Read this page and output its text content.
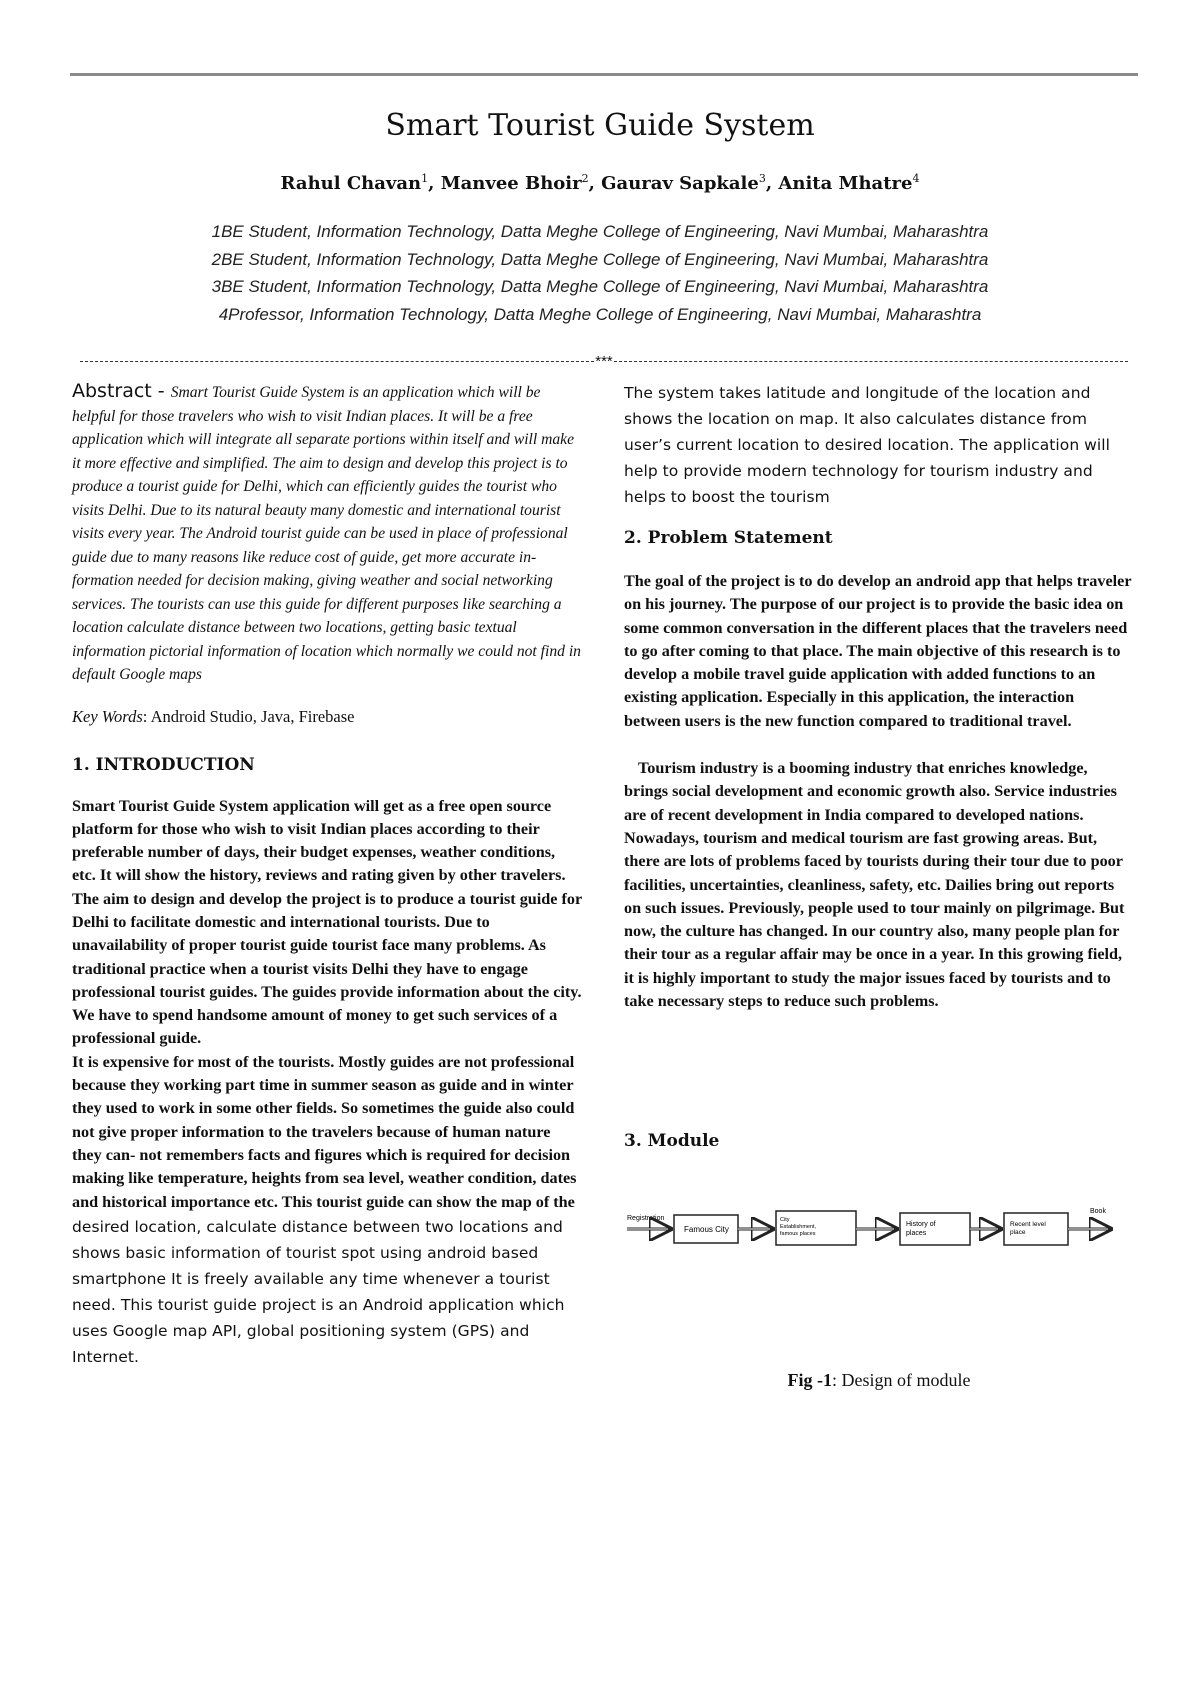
Smart Tourist Guide System
Rahul Chavan$^1$, Manvee Bhoir$^2$, Gaurav Sapkale$^3$, Anita Mhatre$^4$
1BE Student, Information Technology, Datta Meghe College of Engineering, Navi Mumbai, Maharashtra
2BE Student, Information Technology, Datta Meghe College of Engineering, Navi Mumbai, Maharashtra
3BE Student, Information Technology, Datta Meghe College of Engineering, Navi Mumbai, Maharashtra
4Professor, Information Technology, Datta Meghe College of Engineering, Navi Mumbai, Maharashtra
***

Abstract - Smart Tourist Guide System is an application which will be helpful for those travelers who wish to visit Indian places. It will be a free application which will integrate all separate portions within itself and will make it more effective and simplified. The aim to design and develop this project is to produce a tourist guide for Delhi, which can efficiently guides the tourist who visits Delhi. Due to its natural beauty many domestic and international tourist visits every year. The Android tourist guide can be used in place of professional guide due to many reasons like reduce cost of guide, get more accurate in- formation needed for decision making, giving weather and social networking services. The tourists can use this guide for different purposes like searching a location calculate distance between two locations, getting basic textual information pictorial information of location which normally we could not find in default Google maps

Key Words: Android Studio, Java, Firebase

1. INTRODUCTION

Smart Tourist Guide System application will get as a free open source platform for those who wish to visit Indian places according to their preferable number of days, their budget expenses, weather conditions, etc. It will show the history, reviews and rating given by other travelers. The aim to design and develop the project is to produce a tourist guide for Delhi to facilitate domestic and international tourists. Due to unavailability of proper tourist guide tourist face many problems. As traditional practice when a tourist visits Delhi they have to engage professional tourist guides. The guides provide information about the city. We have to spend handsome amount of money to get such services of a professional guide.

It is expensive for most of the tourists. Mostly guides are not professional because they working part time in summer season as guide and in winter they used to work in some other fields. So sometimes the guide also could not give proper information to the travelers because of human nature they can- not remembers facts and figures which is required for decision making like temperature, heights from sea level, weather condition, dates and historical importance etc. This tourist guide can show the map of the

desired location, calculate distance between two locations and shows basic information of tourist spot using android based smartphone It is freely available any time whenever a tourist need. This tourist guide project is an Android application which uses Google map API, global positioning system (GPS) and Internet.

The system takes latitude and longitude of the location and shows the location on map. It also calculates distance from user’s current location to desired location. The application will help to provide modern technology for tourism industry and helps to boost the tourism

2. Problem Statement

The goal of the project is to do develop an android app that helps traveler on his journey. The purpose of our project is to provide the basic idea on some common conversation in the different places that the travelers need to go after coming to that place. The main objective of this research is to develop a mobile travel guide application with added functions to an existing application. Especially in this application, the interaction between users is the new function compared to traditional travel.

Tourism industry is a booming industry that enriches knowledge, brings social development and economic growth also. Service industries are of recent development in India compared to developed nations. Nowadays, tourism and medical tourism are fast growing areas. But, there are lots of problems faced by tourists during their tour due to poor facilities, uncertainties, cleanliness, safety, etc. Dailies bring out reports on such issues. Previously, people used to tour mainly on pilgrimage. But now, the culture has changed. In our country also, many people plan for their tour as a regular affair may be once in a year. In this growing field, it is highly important to study the major issues faced by tourists and to take necessary steps to reduce such problems.

3. Module
Registration
Famous City
City Establishment, famous places
History of places
Recent level place
Book
Fig -1: Design of module
